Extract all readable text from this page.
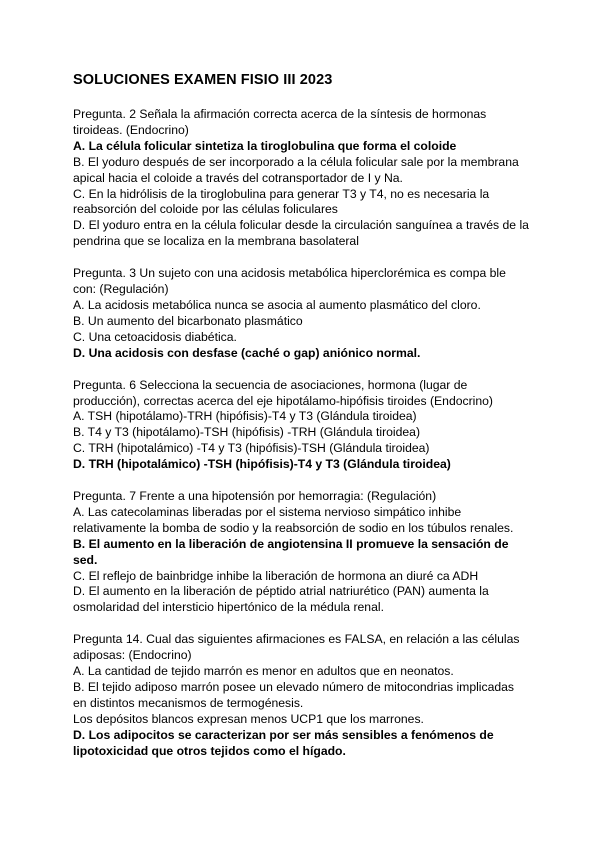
SOLUCIONES EXAMEN FISIO III 2023

Pregunta. 2 Señala la afirmación correcta acerca de la síntesis de hormonas tiroideas. (Endocrino)

A. La célula folicular sintetiza la tiroglobulina que forma el coloide

B. El yoduro después de ser incorporado a la célula folicular sale por la membrana apical hacia el coloide a través del cotransportador de I y Na.

C. En la hidrólisis de la tiroglobulina para generar T3 y T4, no es necesaria la reabsorción del coloide por las células foliculares

D. El yoduro entra en la célula folicular desde la circulación sanguínea a través de la pendrina que se localiza en la membrana basolateral

Pregunta. 3 Un sujeto con una acidosis metabólica hiperclorémica es compa ble con: (Regulación)

A. La acidosis metabólica nunca se asocia al aumento plasmático del cloro.

B. Un aumento del bicarbonato plasmático

C. Una cetoacidosis diabética.

D. Una acidosis con desfase (caché o gap) aniónico normal.

Pregunta. 6 Selecciona la secuencia de asociaciones, hormona (lugar de producción), correctas acerca del eje hipotálamo-hipófisis tiroides (Endocrino)

A. TSH (hipotálamo)-TRH (hipófisis)-T4 y T3 (Glándula tiroidea)

B. T4 y T3 (hipotálamo)-TSH (hipófisis) -TRH (Glándula tiroidea)

C. TRH (hipotalámico) -T4 y T3 (hipófisis)-TSH (Glándula tiroidea)

D. TRH (hipotalámico) -TSH (hipófisis)-T4 y T3 (Glándula tiroidea)

Pregunta. 7 Frente a una hipotensión por hemorragia: (Regulación)

A. Las catecolaminas liberadas por el sistema nervioso simpático inhibe relativamente la bomba de sodio y la reabsorción de sodio en los túbulos renales.

B. El aumento en la liberación de angiotensina II promueve la sensación de sed.

C. El reflejo de bainbridge inhibe la liberación de hormona an diuré ca ADH

D. El aumento en la liberación de péptido atrial natriurético (PAN) aumenta la osmolaridad del intersticio hipertónico de la médula renal.

Pregunta 14. Cual das siguientes afirmaciones es FALSA, en relación a las células adiposas: (Endocrino)

A. La cantidad de tejido marrón es menor en adultos que en neonatos.

B. El tejido adiposo marrón posee un elevado número de mitocondrias implicadas en distintos mecanismos de termogénesis.

Los depósitos blancos expresan menos UCP1 que los marrones.

D. Los adipocitos se caracterizan por ser más sensibles a fenómenos de lipotoxicidad que otros tejidos como el hígado.
